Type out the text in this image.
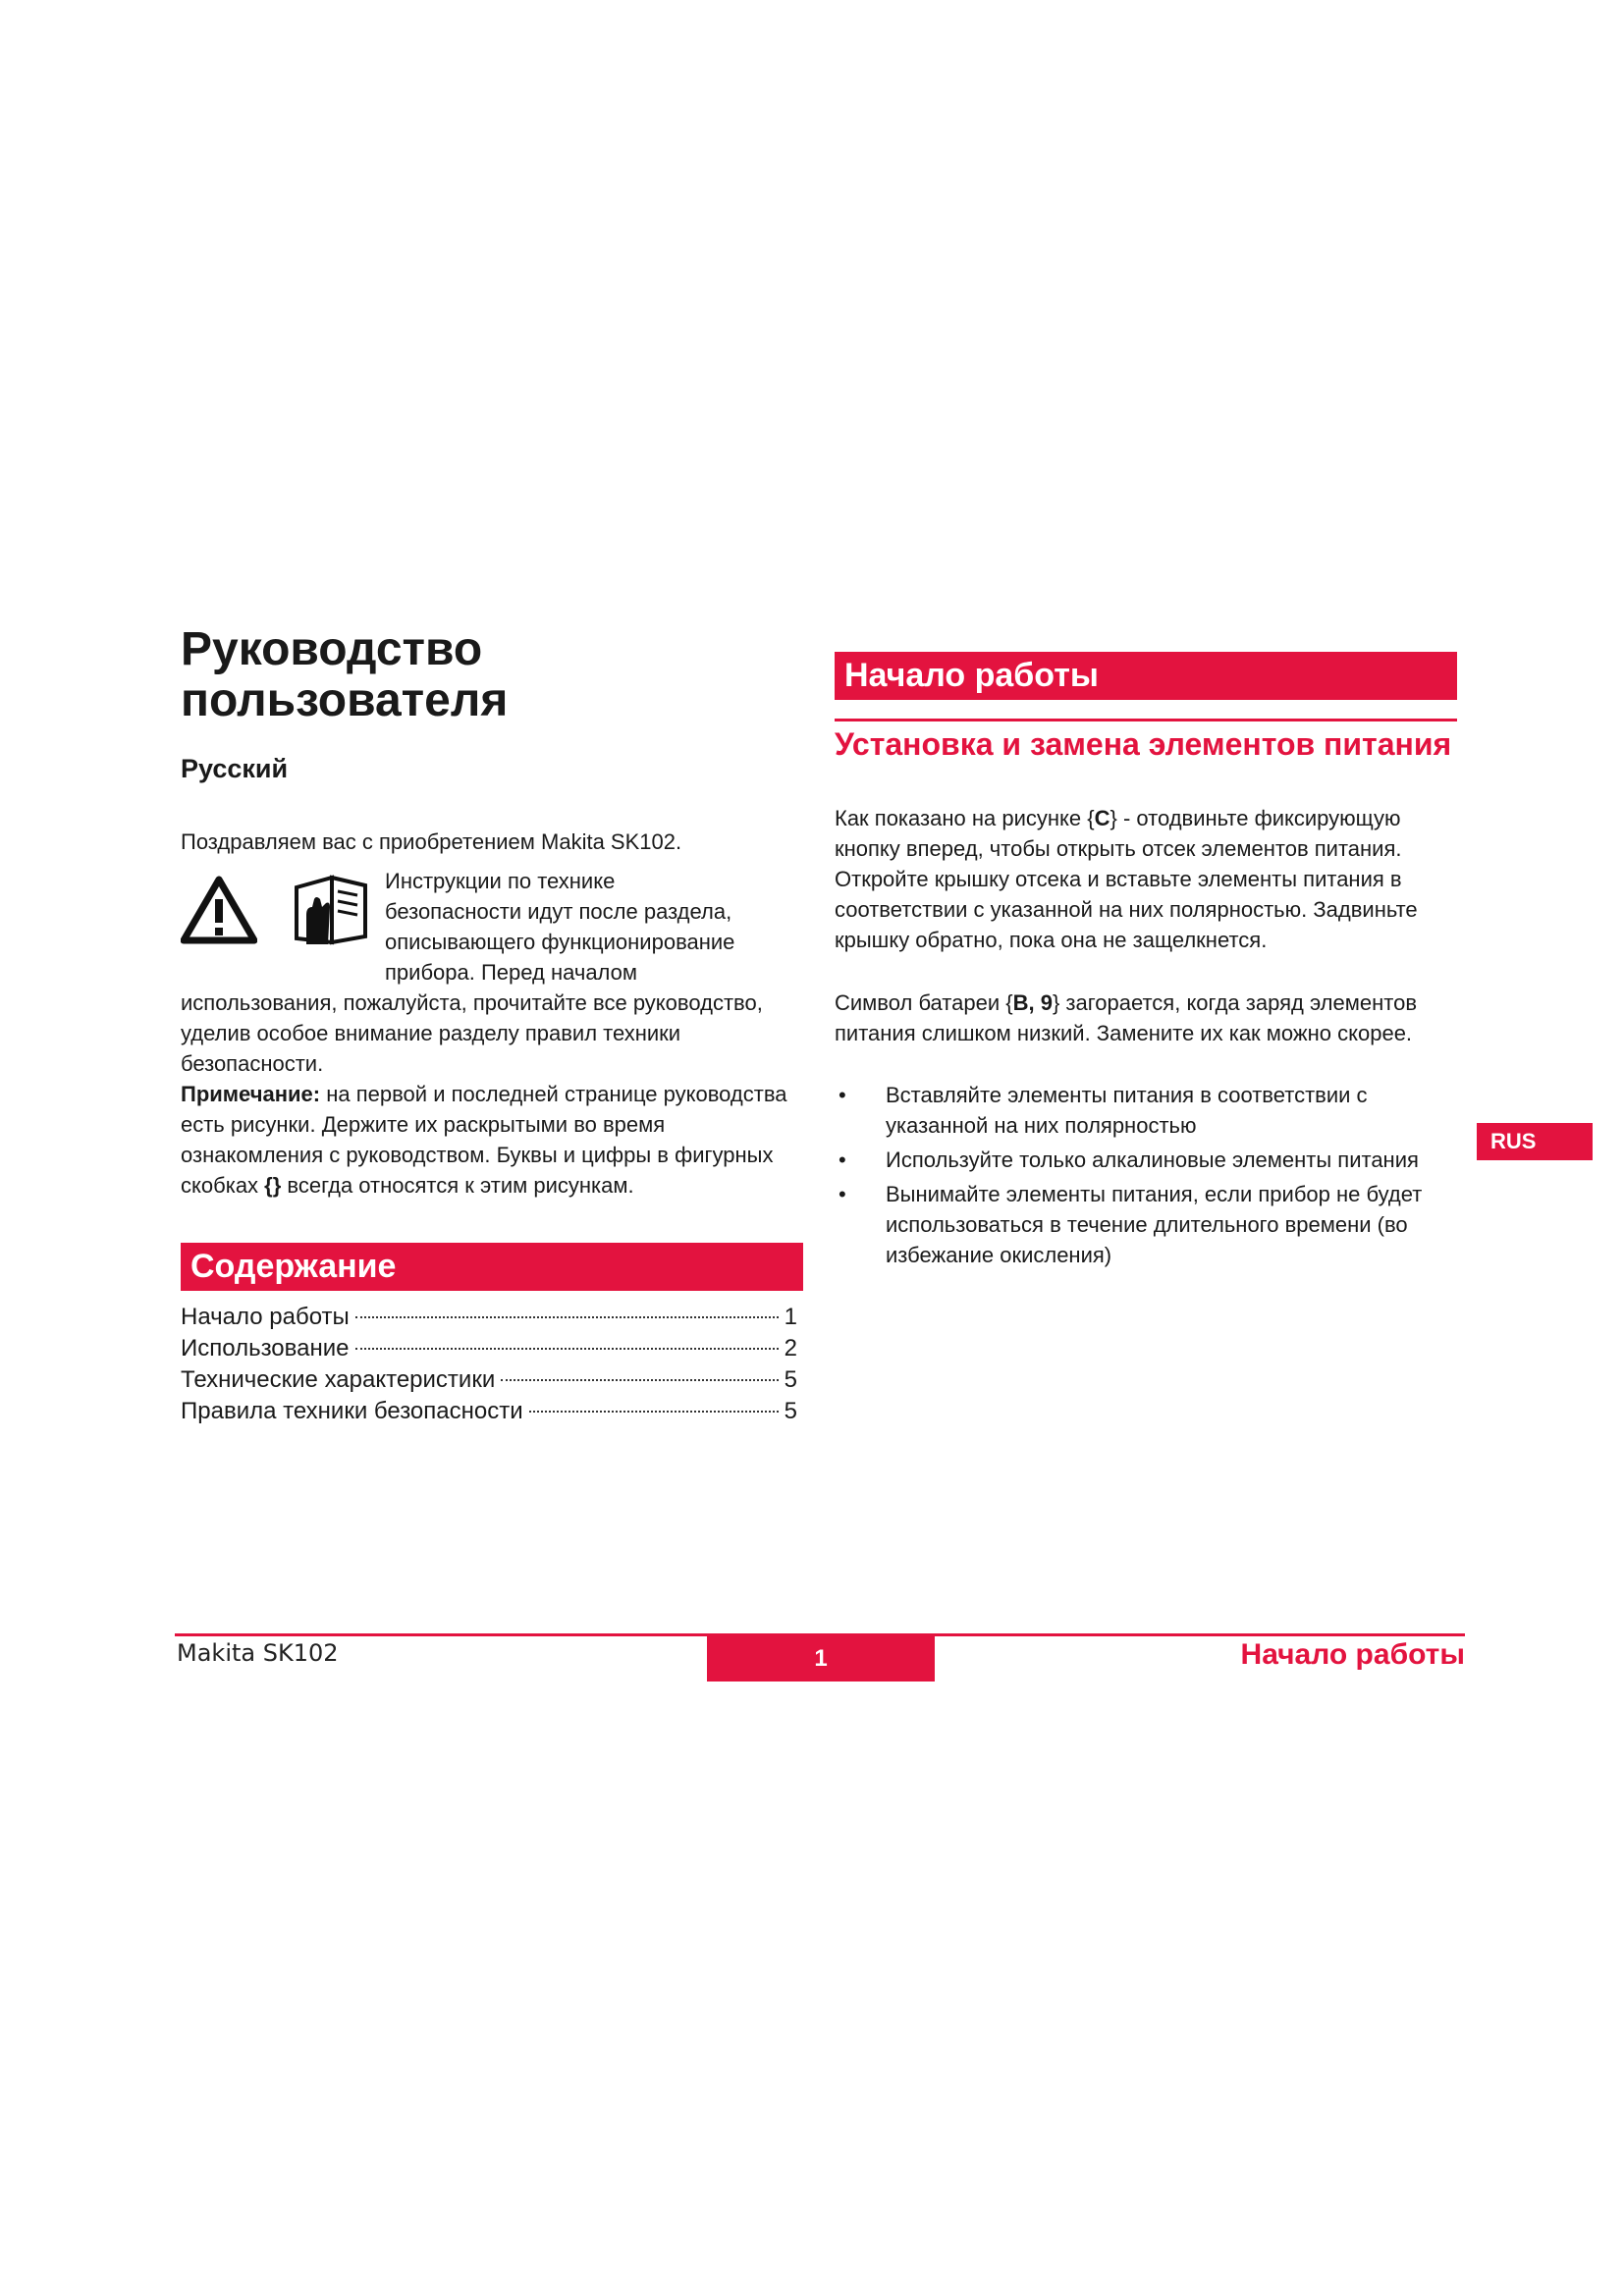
Руководство
пользователя
Русский

Поздравляем вас с приобретением Makita SK102.

Инструкции по технике
безопасности идут после раздела,
описывающего функционирование
прибора. Перед началом

использования, пожалуйста, прочитайте все руководство, уделив особое внимание разделу правил техники безопасности.

Примечание: на первой и последней странице руководства есть рисунки. Держите их раскрытыми во время ознакомления с руководством. Буквы и цифры в фигурных скобках {} всегда относятся к этим рисункам.

Содержание
Начало работы	1
Использование	2
Технические характеристики	5
Правила техники безопасности	5
Начало работы
Установка и замена элементов питания

Как показано на рисунке {C} - отодвиньте фиксирующую кнопку вперед, чтобы открыть отсек элементов питания. Откройте крышку отсека и вставьте элементы питания в соответствии с указанной на них полярностью. Задвиньте крышку обратно, пока она не защелкнется.

Символ батареи {B, 9} загорается, когда заряд элементов питания слишком низкий. Замените их как можно скорее.

•	Вставляйте элементы питания в соответствии с указанной на них полярностью
•	Используйте только алкалиновые элементы питания
•	Вынимайте элементы питания, если прибор не будет использоваться в течение длительного времени (во избежание окисления)
RUS
Makita SK102	1	Начало работы
